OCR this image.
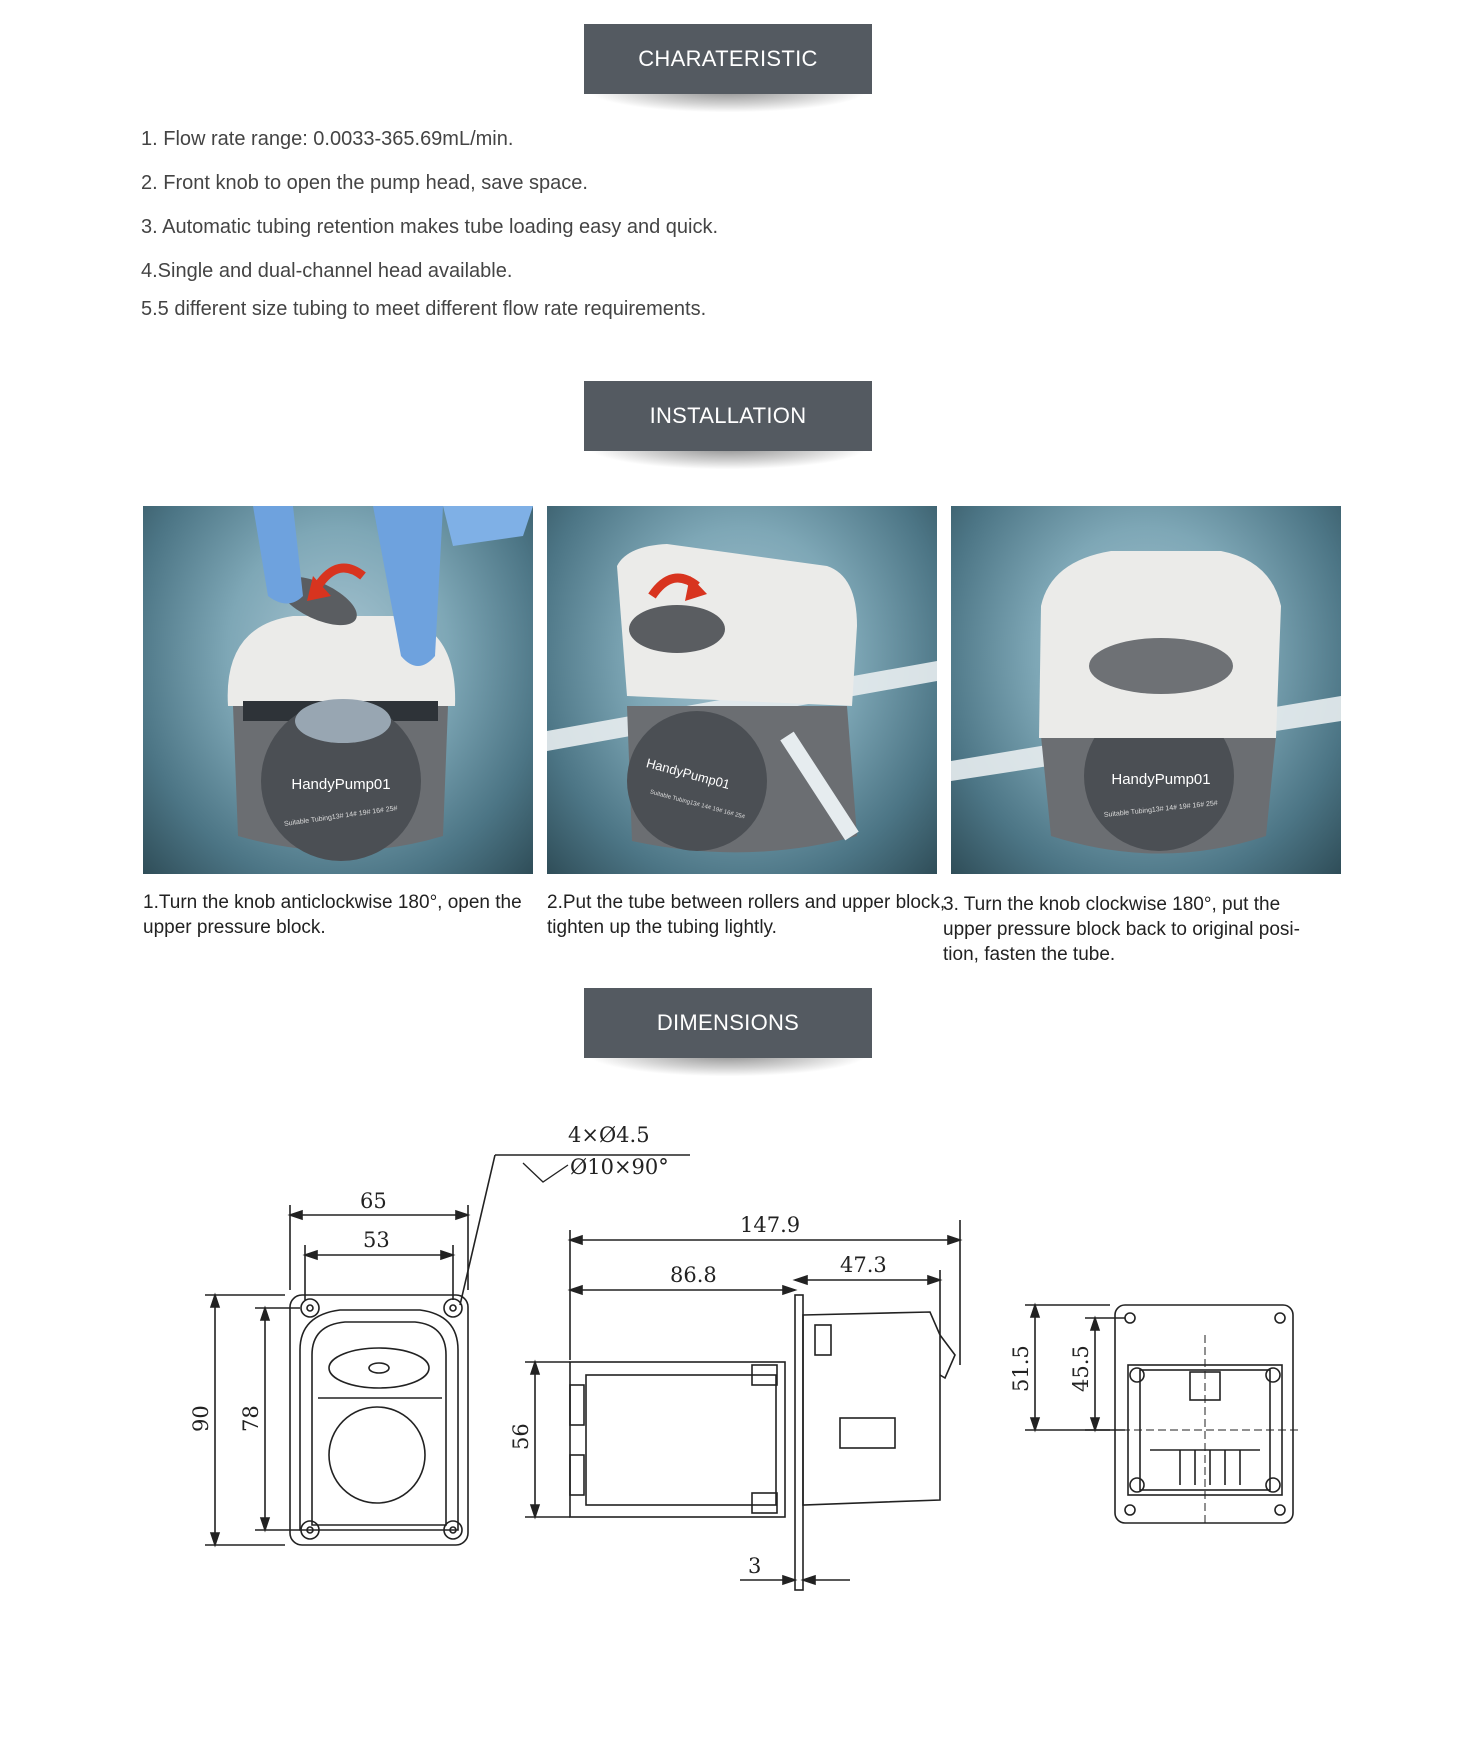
CHARATERISTIC
1. Flow rate range: 0.0033-365.69mL/min.
2. Front knob to open the pump head, save space.
3. Automatic tubing retention makes tube loading easy and quick.
4.Single and dual-channel head available.
5.5 different size tubing to meet different flow rate requirements.
INSTALLATION
HandyPump01
Suitable Tubing13# 14# 19# 16# 25#
HandyPump01
Suitable Tubing13# 14# 19# 16# 25#
HandyPump01
Suitable Tubing13# 14# 19# 16# 25#
1.Turn the knob anticlockwise 180°, open the upper pressure block.
2.Put the tube between rollers and upper block, tighten up the tubing lightly.
3. Turn the knob clockwise 180°, put the upper pressure block back to original posi-tion, fasten the tube.
DIMENSIONS
4×Ø4.5
Ø10×90°
65
53
90 78
147.9
86.8	47.3
56
3
51.5 45.5
